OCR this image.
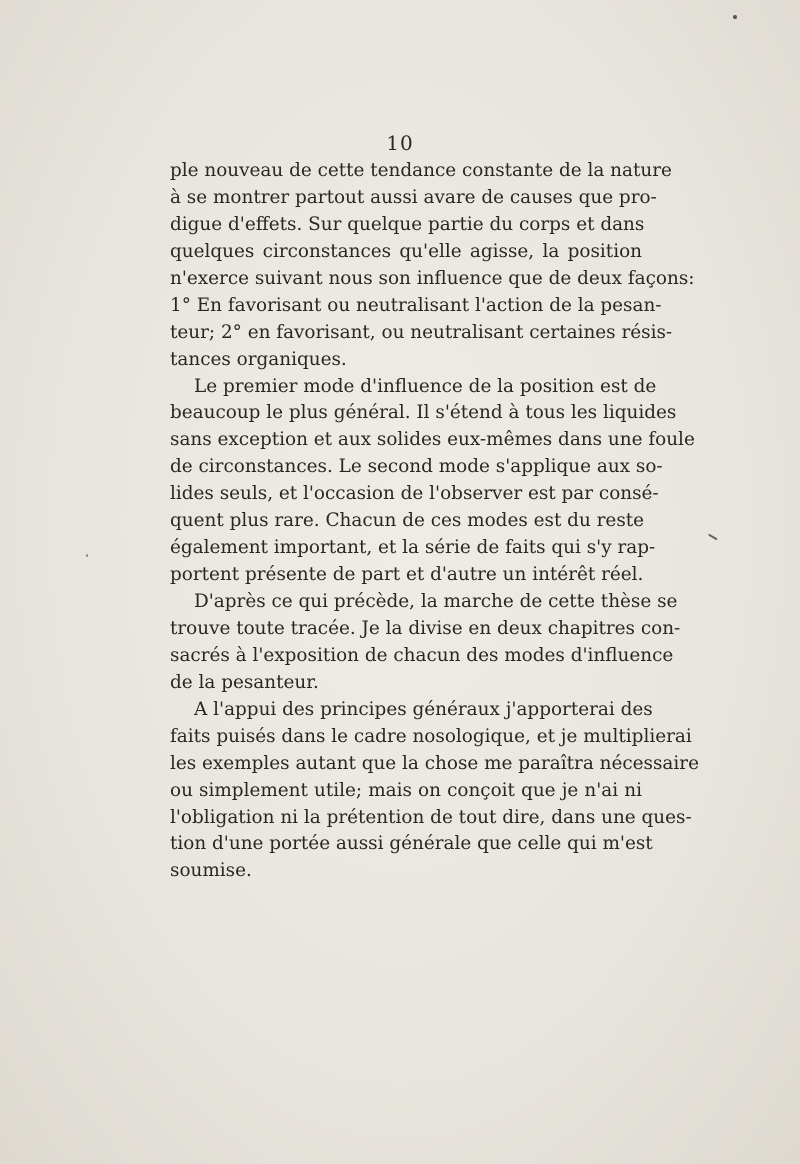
10
ple nouveau de cette tendance constante de la nature
à se montrer partout aussi avare de causes que pro-
digue d'effets. Sur quelque partie du corps et dans
quelques circonstances qu'elle agisse, la position
n'exerce suivant nous son influence que de deux façons:
1° En favorisant ou neutralisant l'action de la pesan-
teur; 2° en favorisant, ou neutralisant certaines résis-
tances organiques.
Le premier mode d'influence de la position est de
beaucoup le plus général. Il s'étend à tous les liquides
sans exception et aux solides eux-mêmes dans une foule
de circonstances. Le second mode s'applique aux so-
lides seuls, et l'occasion de l'observer est par consé-
quent plus rare. Chacun de ces modes est du reste
également important, et la série de faits qui s'y rap-
portent présente de part et d'autre un intérêt réel.
D'après ce qui précède, la marche de cette thèse se
trouve toute tracée. Je la divise en deux chapitres con-
sacrés à l'exposition de chacun des modes d'influence
de la pesanteur.
A l'appui des principes généraux j'apporterai des
faits puisés dans le cadre nosologique, et je multiplierai
les exemples autant que la chose me paraîtra nécessaire
ou simplement utile; mais on conçoit que je n'ai ni
l'obligation ni la prétention de tout dire, dans une ques-
tion d'une portée aussi générale que celle qui m'est
soumise.
